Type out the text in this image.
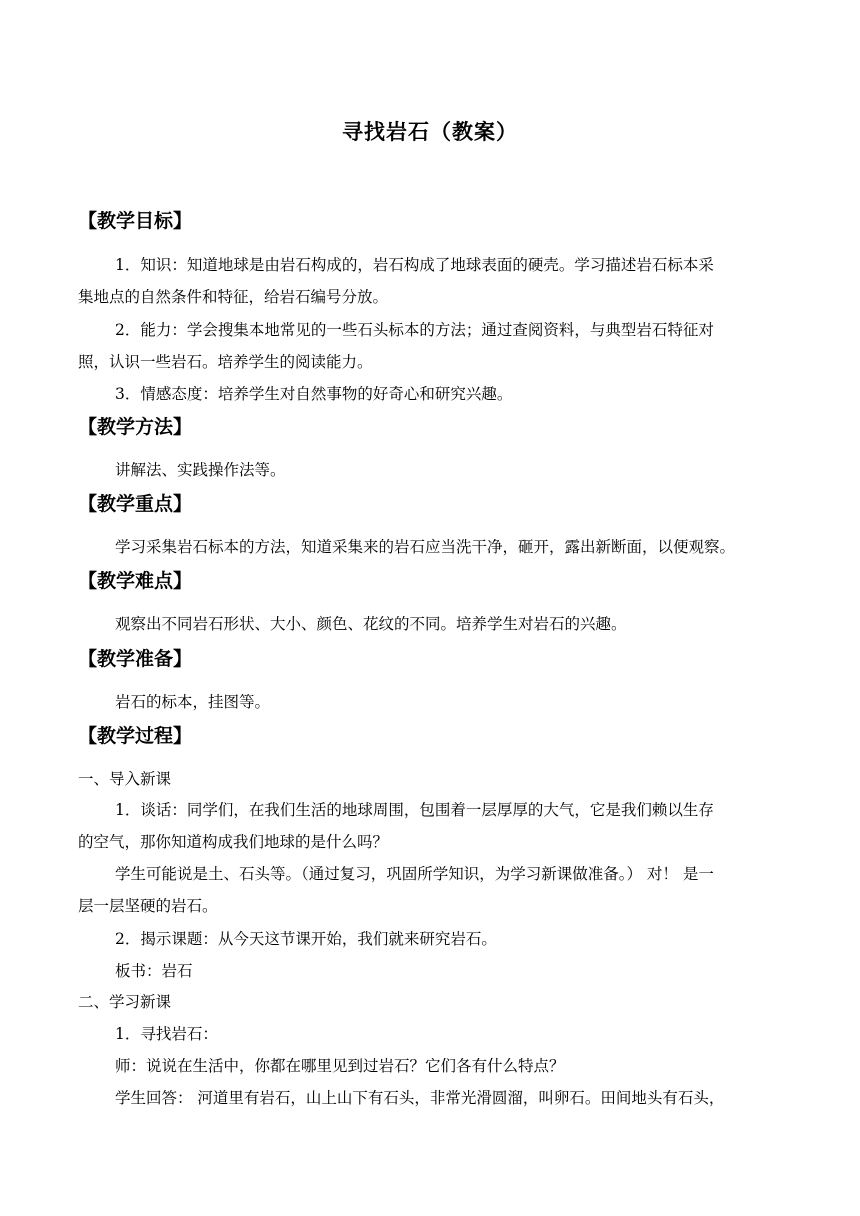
寻找岩石（教案）
【教学目标】
1．知识：知道地球是由岩石构成的，岩石构成了地球表面的硬壳。学习描述岩石标本采
集地点的自然条件和特征，给岩石编号分放。
2．能力：学会搜集本地常见的一些石头标本的方法；通过查阅资料，与典型岩石特征对
照，认识一些岩石。培养学生的阅读能力。
3．情感态度：培养学生对自然事物的好奇心和研究兴趣。
【教学方法】
讲解法、实践操作法等。
【教学重点】
学习采集岩石标本的方法，知道采集来的岩石应当洗干净，砸开，露出新断面，以便观察。
【教学难点】
观察出不同岩石形状、大小、颜色、花纹的不同。培养学生对岩石的兴趣。
【教学准备】
岩石的标本，挂图等。
【教学过程】
一、导入新课
1．谈话：同学们，在我们生活的地球周围，包围着一层厚厚的大气，它是我们赖以生存
的空气，那你知道构成我们地球的是什么吗？
学生可能说是土、石头等。（通过复习，巩固所学知识，为学习新课做准备。） 对！ 是一
层一层坚硬的岩石。
2．揭示课题：从今天这节课开始，我们就来研究岩石。
板书：岩石
二、学习新课
1．寻找岩石：
师：说说在生活中，你都在哪里见到过岩石？它们各有什么特点？
学生回答： 河道里有岩石，山上山下有石头，非常光滑圆溜，叫卵石。田间地头有石头，
